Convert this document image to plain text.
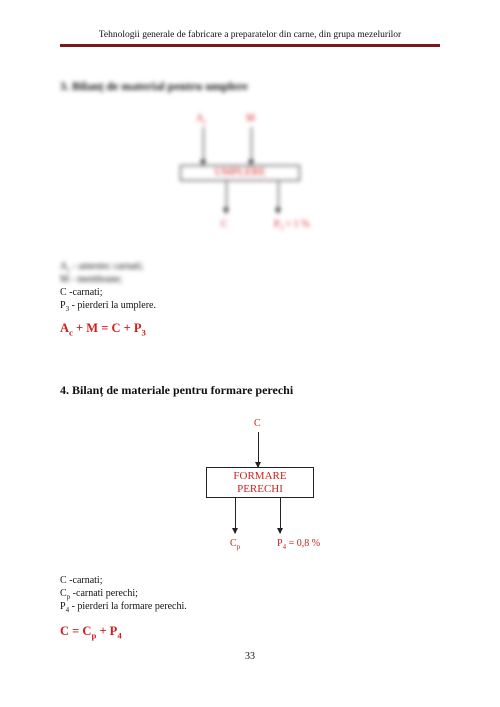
Tehnologii generale de fabricare a preparatelor din carne, din grupa mezelurilor
3. Bilanț de material pentru umplere
$A_c$	M
UMPLERE
C	$P_3 = 1$ %
$A_c$ - amestec carnati;
M - membrane;
C -carnati;
$P_3$ - pierderi la umplere.
$A_c + M = C + P_3$
4. Bilanț de materiale pentru formare perechi
C
FORMARE
PERECHI
$C_p$	$P_4 = 0,8$ %
C -carnati;
$C_p$ -carnati perechi;
$P_4$ - pierderi la formare perechi.
$C = C_p + P_4$
33
